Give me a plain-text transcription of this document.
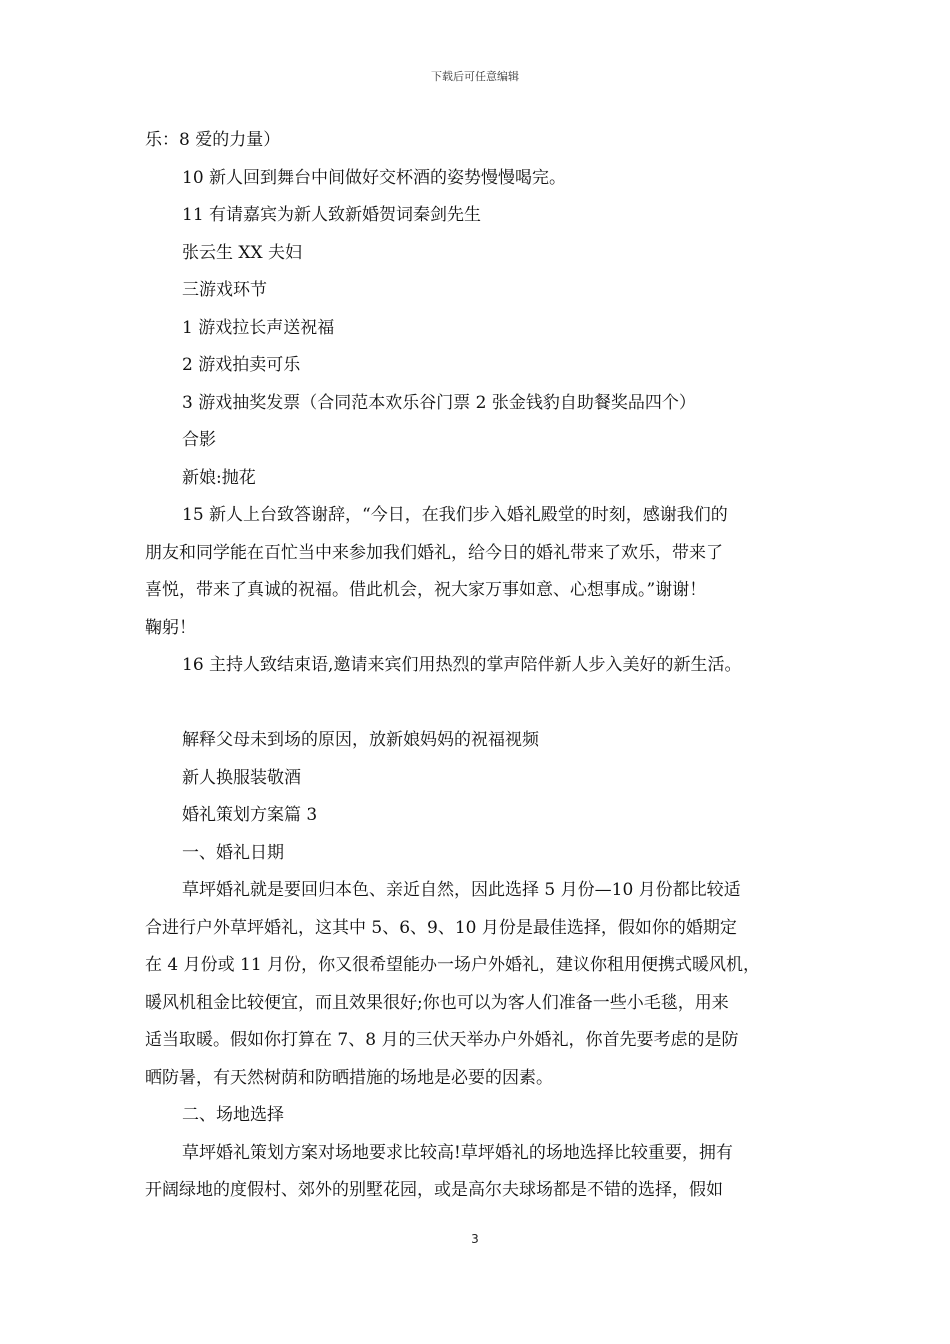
下载后可任意编辑
乐：8 爱的力量）
10 新人回到舞台中间做好交杯酒的姿势慢慢喝完。
11 有请嘉宾为新人致新婚贺词秦剑先生
张云生 XX 夫妇
三游戏环节
1 游戏拉长声送祝福
2 游戏拍卖可乐
3 游戏抽奖发票（合同范本欢乐谷门票 2 张金钱豹自助餐奖品四个）
合影
新娘:抛花
15 新人上台致答谢辞，“今日，在我们步入婚礼殿堂的时刻，感谢我们的
朋友和同学能在百忙当中来参加我们婚礼，给今日的婚礼带来了欢乐，带来了
喜悦，带来了真诚的祝福。借此机会，祝大家万事如意、心想事成。”谢谢！
鞠躬！
16 主持人致结束语,邀请来宾们用热烈的掌声陪伴新人步入美好的新生活。
解释父母未到场的原因，放新娘妈妈的祝福视频
新人换服装敬酒
婚礼策划方案篇 3
一、婚礼日期
草坪婚礼就是要回归本色、亲近自然，因此选择 5 月份—10 月份都比较适
合进行户外草坪婚礼，这其中 5、6、9、10 月份是最佳选择，假如你的婚期定
在 4 月份或 11 月份，你又很希望能办一场户外婚礼，建议你租用便携式暖风机，
暖风机租金比较便宜，而且效果很好;你也可以为客人们准备一些小毛毯，用来
适当取暖。假如你打算在 7、8 月的三伏天举办户外婚礼，你首先要考虑的是防
晒防暑，有天然树荫和防晒措施的场地是必要的因素。
二、场地选择
草坪婚礼策划方案对场地要求比较高!草坪婚礼的场地选择比较重要，拥有
开阔绿地的度假村、郊外的别墅花园，或是高尔夫球场都是不错的选择，假如
3
